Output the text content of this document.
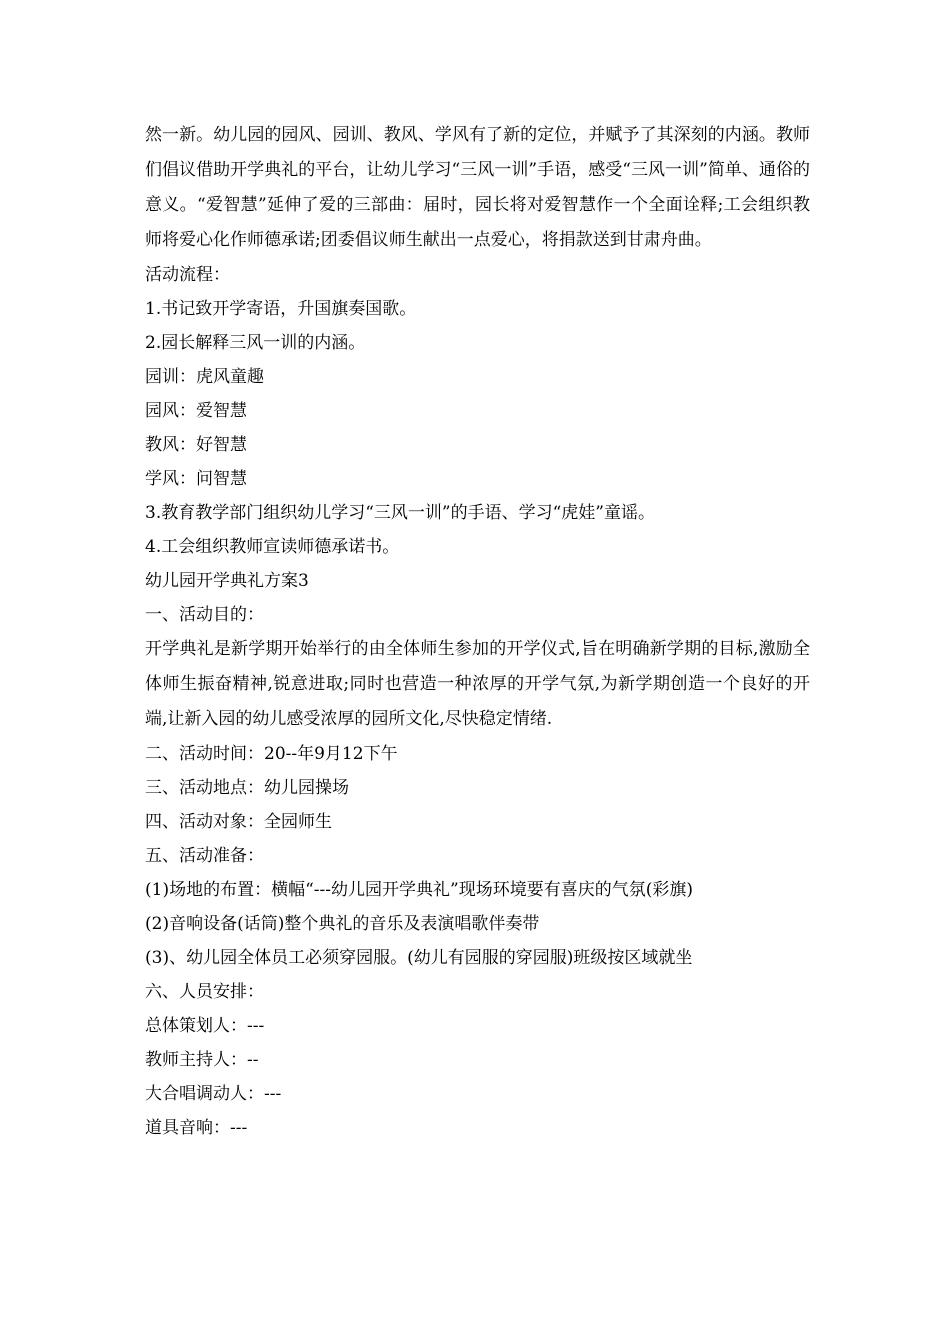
然一新。幼儿园的园风、园训、教风、学风有了新的定位，并赋予了其深刻的内涵。教师们倡议借助开学典礼的平台，让幼儿学习“三风一训”手语，感受“三风一训”简单、通俗的意义。“爱智慧”延伸了爱的三部曲：届时，园长将对爱智慧作一个全面诠释;工会组织教师将爱心化作师德承诺;团委倡议师生献出一点爱心，将捐款送到甘肃舟曲。

活动流程：

1.书记致开学寄语，升国旗奏国歌。

2.园长解释三风一训的内涵。

园训：虎风童趣

园风：爱智慧

教风：好智慧

学风：问智慧

3.教育教学部门组织幼儿学习“三风一训”的手语、学习“虎娃”童谣。

4.工会组织教师宣读师德承诺书。

幼儿园开学典礼方案3

一、活动目的：

开学典礼是新学期开始举行的由全体师生参加的开学仪式,旨在明确新学期的目标,激励全体师生振奋精神,锐意进取;同时也营造一种浓厚的开学气氛,为新学期创造一个良好的开端,让新入园的幼儿感受浓厚的园所文化,尽快稳定情绪.

二、活动时间：20--年9月12下午

三、活动地点：幼儿园操场

四、活动对象：全园师生

五、活动准备：

(1)场地的布置：横幅“---幼儿园开学典礼”现场环境要有喜庆的气氛(彩旗)

(2)音响设备(话筒)整个典礼的音乐及表演唱歌伴奏带

(3)、幼儿园全体员工必须穿园服。(幼儿有园服的穿园服)班级按区域就坐

六、人员安排：

总体策划人：---

教师主持人：--

大合唱调动人：---

道具音响：---
